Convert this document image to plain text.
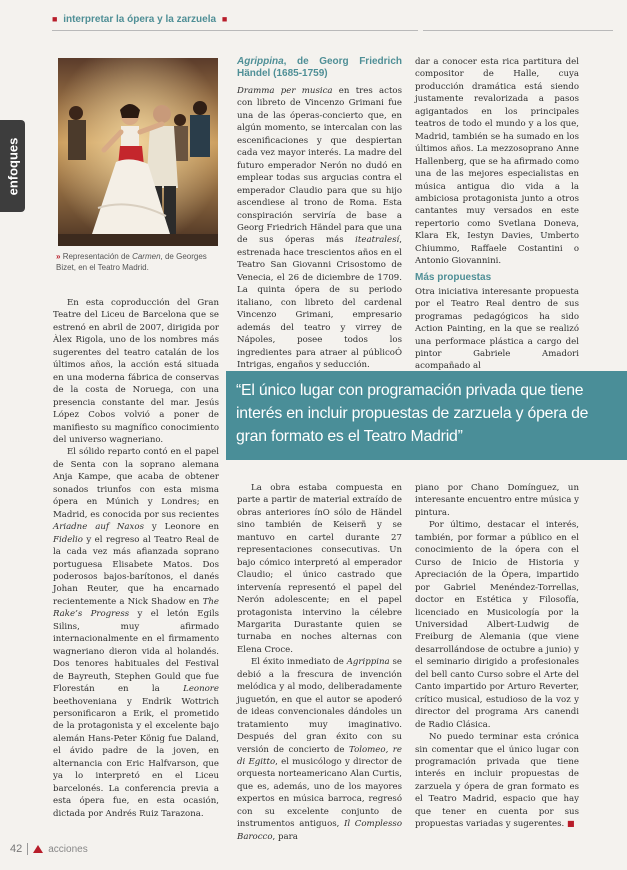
■ interpretar la ópera y la zarzuela ■
enfoques
» Representación de Carmen, de Georges Bizet, en el Teatro Madrid.

En esta coproducción del Gran Teatre del Liceu de Barcelona que se estrenó en abril de 2007, dirigida por Àlex Rigola, uno de los nombres más sugerentes del teatro catalán de los últimos años, la acción está situada en una moderna fábrica de conservas de la costa de Noruega, con una presencia constante del mar. Jesús López Cobos volvió a poner de manifiesto su magnífico conocimiento del universo wagneriano.

El sólido reparto contó en el papel de Senta con la soprano alemana Anja Kampe, que acaba de obtener sonados triunfos con esta misma ópera en Múnich y Londres; en Madrid, es conocida por sus recientes Ariadne auf Naxos y Leonore en Fidelio y el regreso al Teatro Real de la cada vez más afianzada soprano portuguesa Elisabete Matos. Dos poderosos bajos-barítonos, el danés Johan Reuter, que ha encarnado recientemente a Nick Shadow en The Rake’s Progress y el letón Egils Silins, muy afirmado internacionalmente en el firmamento wagneriano dieron vida al holandés. Dos tenores habituales del Festival de Bayreuth, Stephen Gould que fue Florestán en la Leonore beethoveniana y Endrik Wottrich personificaron a Erik, el prometido de la protagonista y el excelente bajo alemán Hans-Peter König fue Daland, el ávido padre de la joven, en alternancia con Eric Halfvarson, que ya lo interpretó en el Liceu barcelonés. La conferencia previa a esta ópera fue, en esta ocasión, dictada por Andrés Ruiz Tarazona.

Agrippina, de Georg Friedrich Händel (1685-1759)

Dramma per musica en tres actos con libreto de Vincenzo Grimani fue una de las óperas-concierto que, en algún momento, se intercalan con las escenificaciones y que despiertan cada vez mayor interés. La madre del futuro emperador Nerón no dudó en emplear todas sus argucias contra el emperador Claudio para que su hijo ascendiese al trono de Roma. Esta conspiración serviría de base a Georg Friedrich Händel para que una de sus óperas más iteatralesí, estrenada hace trescientos años en el Teatro San Giovanni Crisostomo de Venecia, el 26 de diciembre de 1709. La quinta ópera de su periodo italiano, con libreto del cardenal Vincenzo Grimani, empresario además del teatro y virrey de Nápoles, posee todos los ingredientes para atraer al públicoÓ Intrigas, engaños y seducción.

dar a conocer esta rica partitura del compositor de Halle, cuya producción dramática está siendo justamente revalorizada a pasos agigantados en los principales teatros de todo el mundo y a los que, Madrid, también se ha sumado en los últimos años. La mezzosoprano Anne Hallenberg, que se ha afirmado como una de las mejores especialistas en música antigua dio vida a la ambiciosa protagonista junto a otros cantantes muy versados en este repertorio como Svetlana Doneva, Klara Ek, Iestyn Davies, Umberto Chiummo, Raffaele Costantini o Antonio Giovannini.

Más propuestas

Otra iniciativa interesante propuesta por el Teatro Real dentro de sus programas pedagógicos ha sido Action Painting, en la que se realizó una performace plástica a cargo del pintor Gabriele Amadori acompañado al

“El único lugar con programación privada que tiene interés en incluir propuestas de zarzuela y ópera de gran formato es el Teatro Madrid”

La obra estaba compuesta en parte a partir de material extraído de obras anteriores ínO sólo de Händel sino también de Keiserñ y se mantuvo en cartel durante 27 representaciones consecutivas. Un bajo cómico interpretó al emperador Claudio; el único castrado que intervenía representó el papel del Nerón adolescente; en el papel protagonista intervino la célebre Margarita Durastante quien se turnaba en noches alternas con Elena Croce.

El éxito inmediato de Agrippina se debió a la frescura de invención melódica y al modo, deliberadamente juguetón, en que el autor se apoderó de ideas convencionales dándoles un tratamiento muy imaginativo. Después del gran éxito con su versión de concierto de Tolomeo, re di Egitto, el musicólogo y director de orquesta norteamericano Alan Curtis, que es, además, uno de los mayores expertos en música barroca, regresó con su excelente conjunto de instrumentos antiguos, Il Complesso Barocco, para

piano por Chano Domínguez, un interesante encuentro entre música y pintura.

Por último, destacar el interés, también, por formar a público en el conocimiento de la ópera con el Curso de Inicio de Historia y Apreciación de la Ópera, impartido por Gabriel Menéndez-Torrellas, doctor en Estética y Filosofía, licenciado en Musicología por la Universidad Albert-Ludwig de Freiburg de Alemania (que viene desarrollándose de octubre a junio) y el seminario dirigido a profesionales del bell canto Curso sobre el Arte del Canto impartido por Arturo Reverter, crítico musical, estudioso de la voz y director del programa Ars canendi de Radio Clásica.

No puedo terminar esta crónica sin comentar que el único lugar con programación privada que tiene interés en incluir propuestas de zarzuela y ópera de gran formato es el Teatro Madrid, espacio que hay que tener en cuenta por sus propuestas variadas y sugerentes. ■

42	acciones
